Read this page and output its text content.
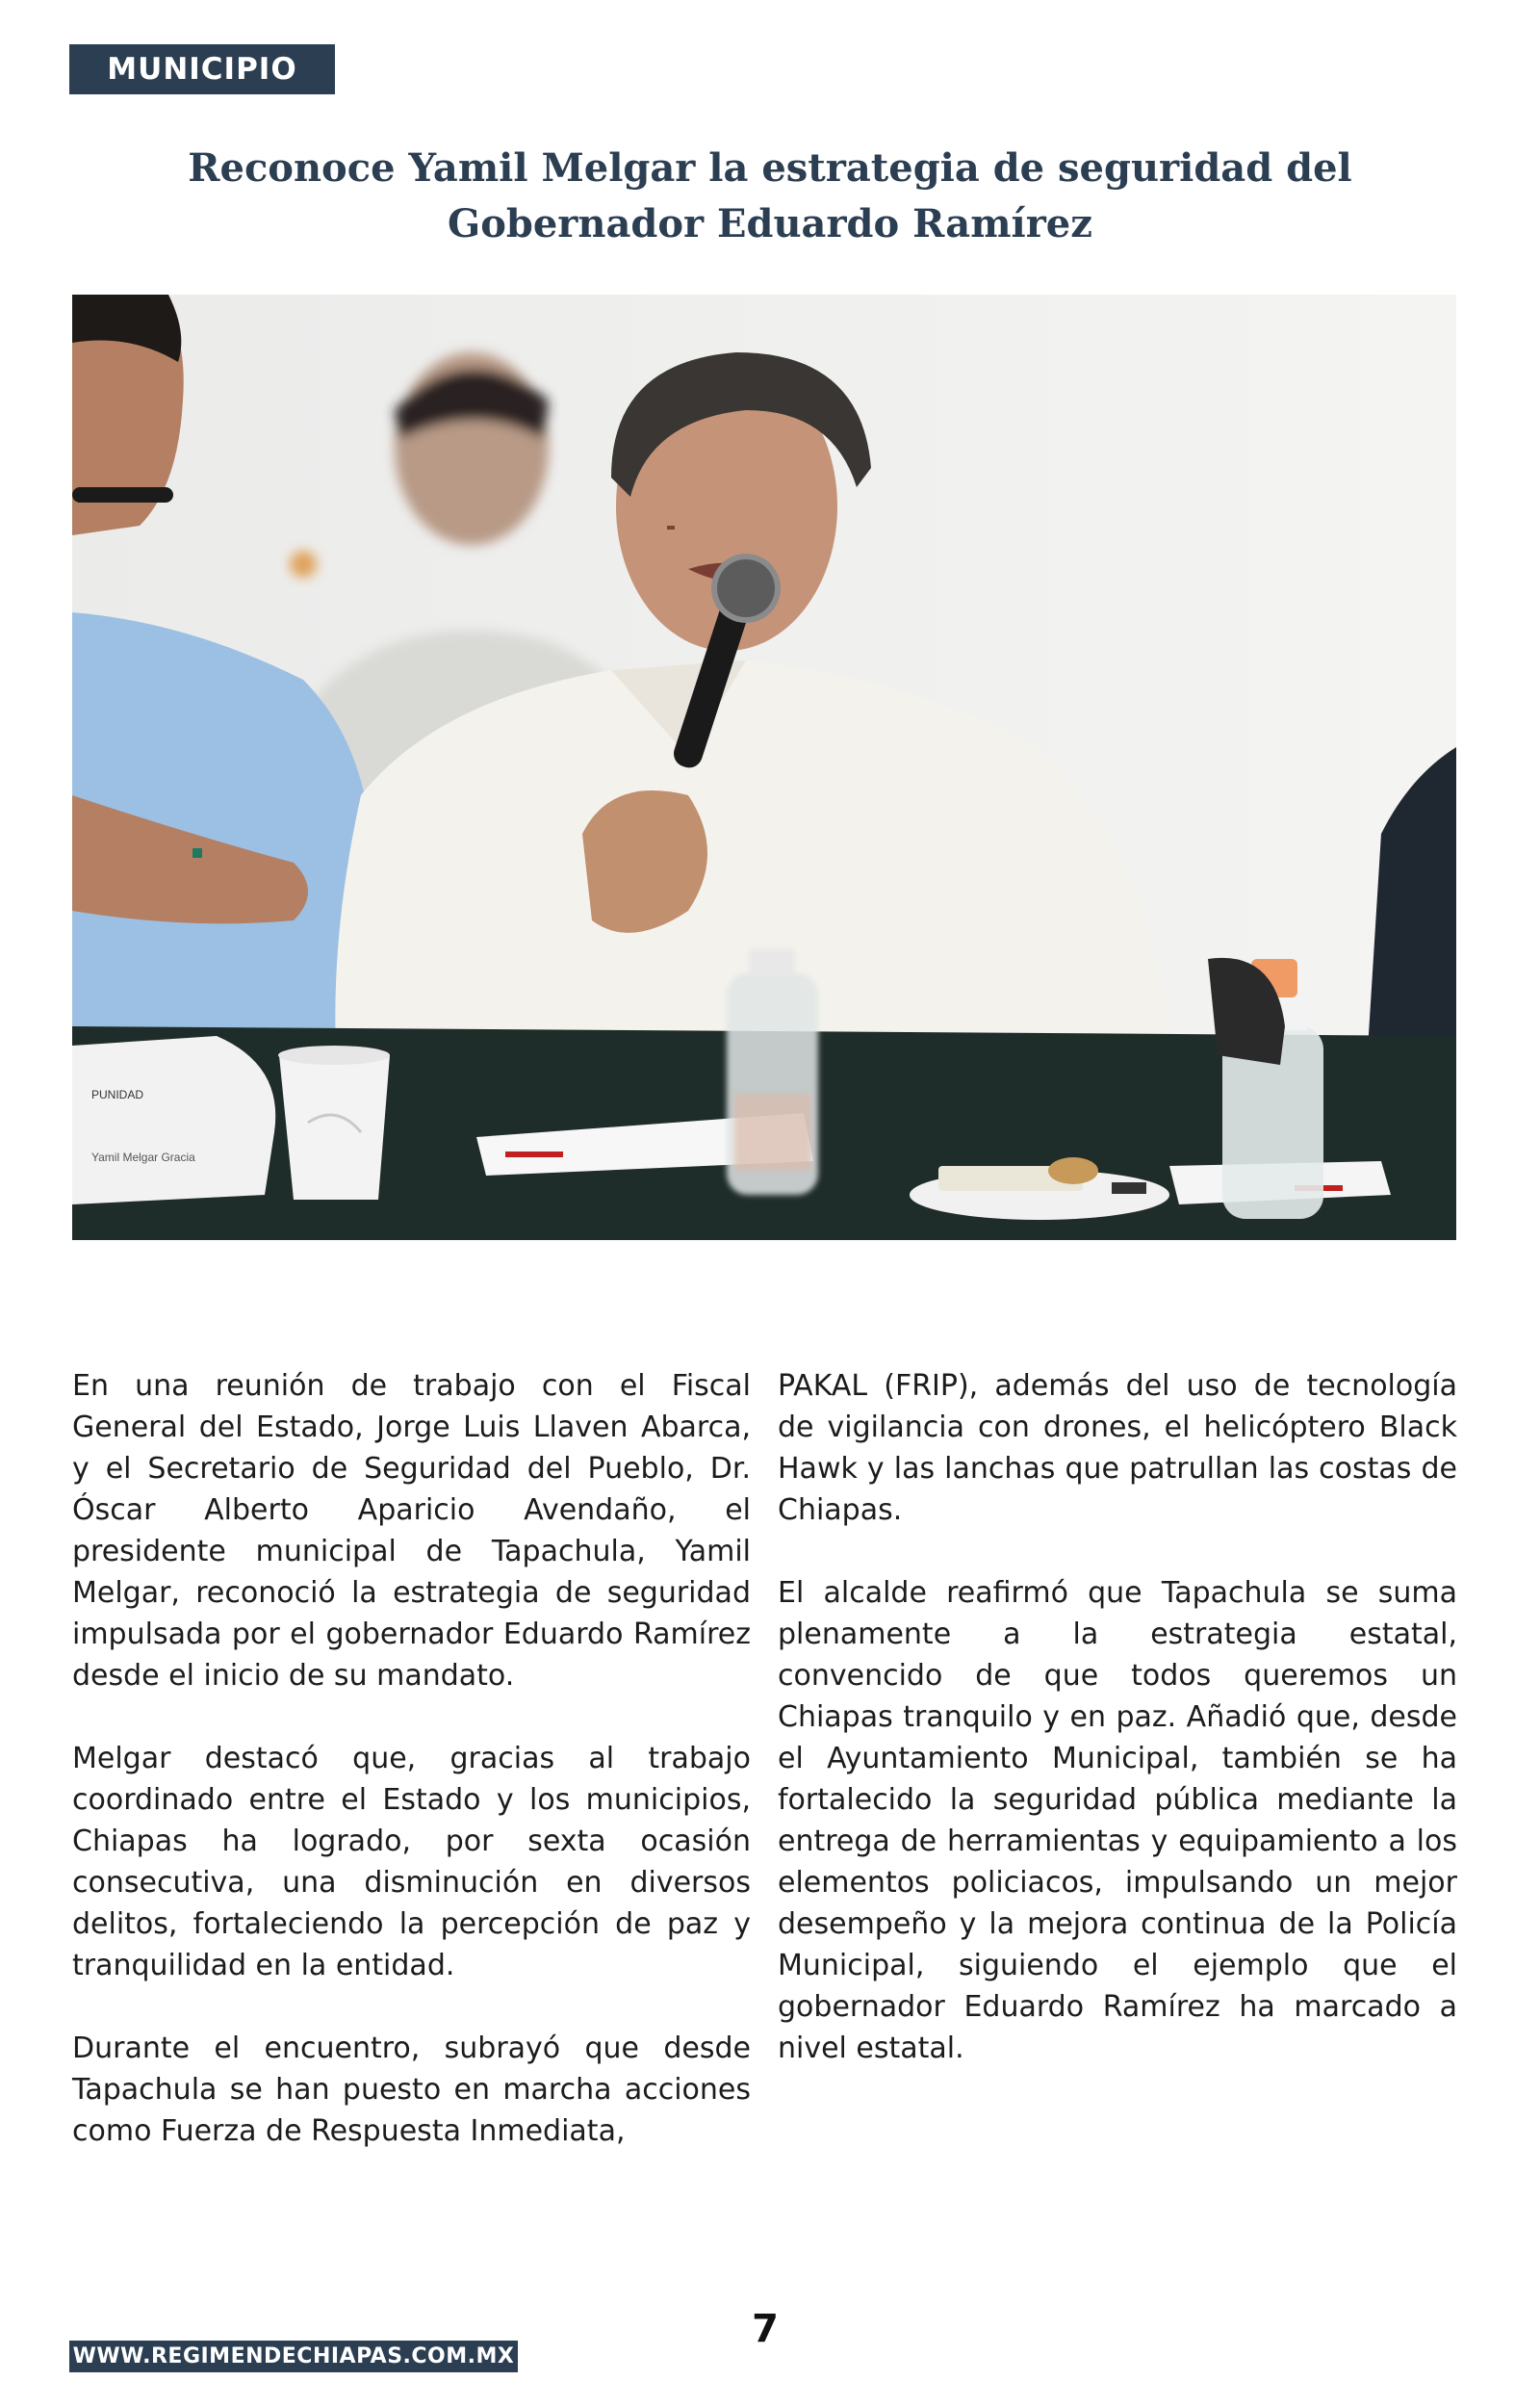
MUNICIPIO
Reconoce Yamil Melgar la estrategia de seguridad del
Gobernador Eduardo Ramírez
PUNIDAD
Yamil Melgar Gracia

En una reunión de trabajo con el Fiscal General del Estado, Jorge Luis Llaven Abarca, y el Secretario de Seguridad del Pueblo, Dr. Óscar Alberto Aparicio Avendaño, el presidente municipal de Tapachula, Yamil Melgar, reconoció la estrategia de seguridad impulsada por el gobernador Eduardo Ramírez desde el inicio de su mandato.

Melgar destacó que, gracias al trabajo coordinado entre el Estado y los municipios, Chiapas ha logrado, por sexta ocasión consecutiva, una disminución en diversos delitos, fortaleciendo la percepción de paz y tranquilidad en la entidad.

Durante el encuentro, subrayó que desde Tapachula se han puesto en marcha acciones como Fuerza de Respuesta Inmediata,

PAKAL (FRIP), además del uso de tecnología de vigilancia con drones, el helicóptero Black Hawk y las lanchas que patrullan las costas de Chiapas.

El alcalde reafirmó que Tapachula se suma plenamente a la estrategia estatal, convencido de que todos queremos un Chiapas tranquilo y en paz. Añadió que, desde el Ayuntamiento Municipal, también se ha fortalecido la seguridad pública mediante la entrega de herramientas y equipamiento a los elementos policiacos, impulsando un mejor desempeño y la mejora continua de la Policía Municipal, siguiendo el ejemplo que el gobernador Eduardo Ramírez ha marcado a nivel estatal.

7
WWW.REGIMENDECHIAPAS.COM.MX
